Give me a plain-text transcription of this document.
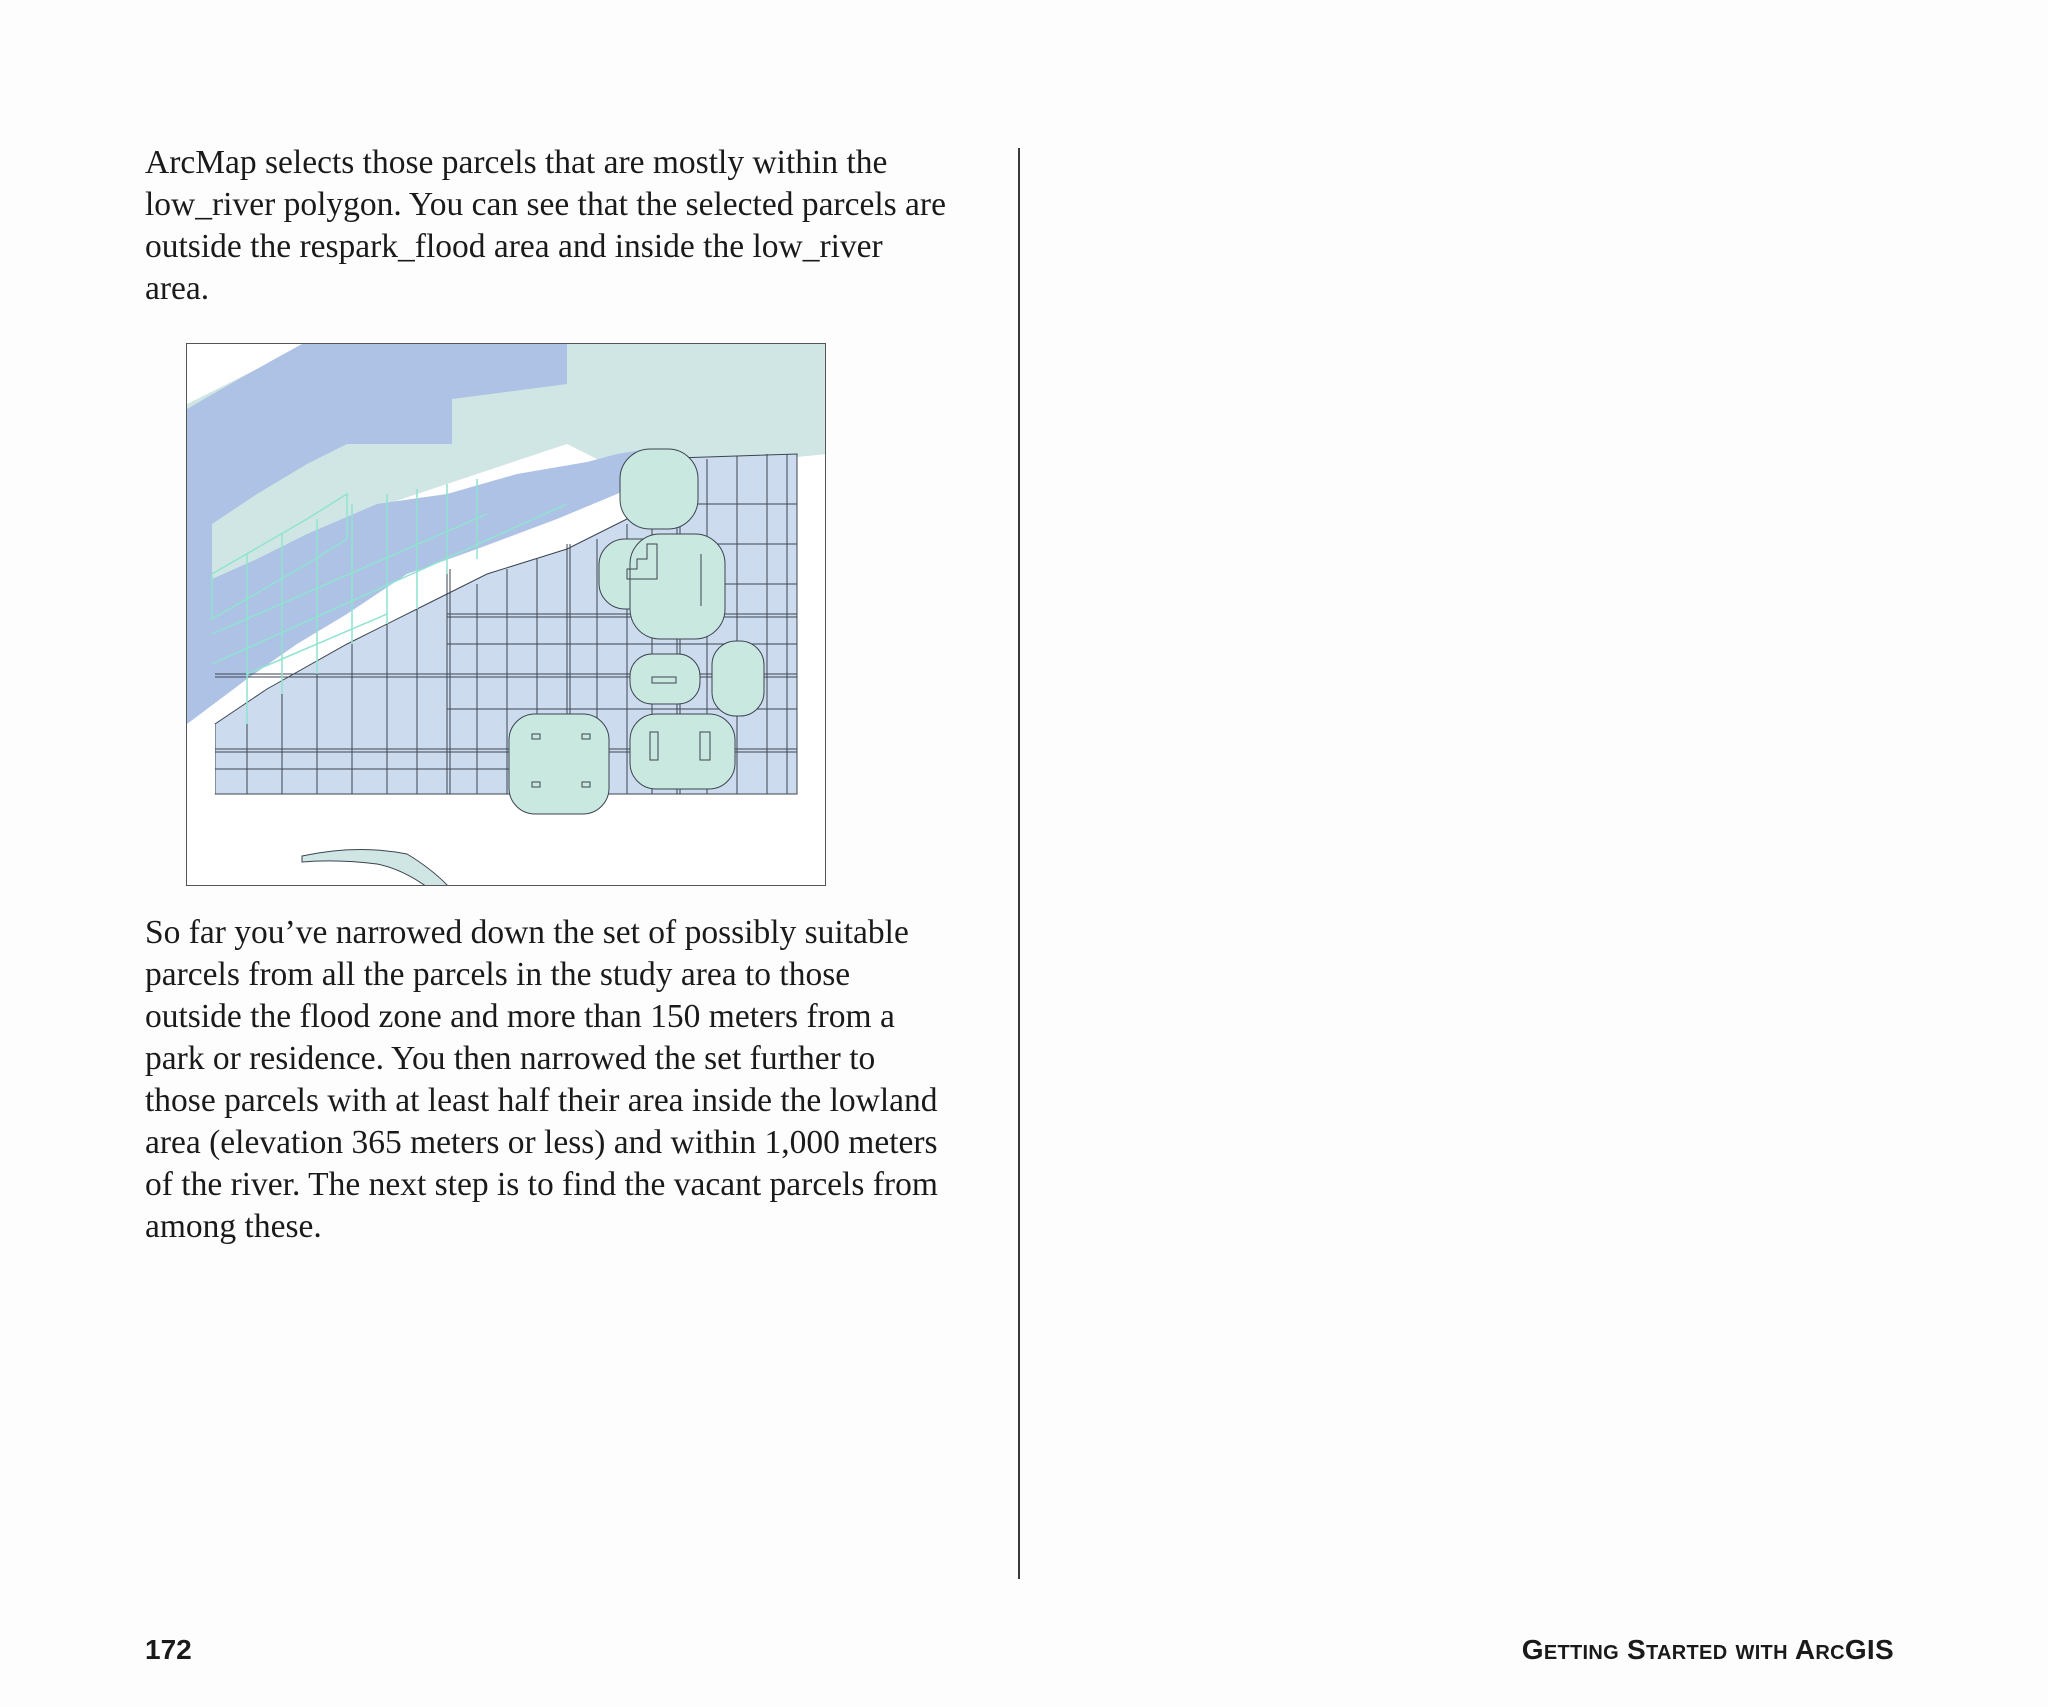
ArcMap selects those parcels that are mostly within the
low_river polygon. You can see that the selected parcels are
outside the respark_flood area and inside the low_river
area.

So far you’ve narrowed down the set of possibly suitable
parcels from all the parcels in the study area to those
outside the flood zone and more than 150 meters from a
park or residence. You then narrowed the set further to
those parcels with at least half their area inside the lowland
area (elevation 365 meters or less) and within 1,000 meters
of the river. The next step is to find the vacant parcels from
among these.

172	Getting Started with ArcGIS
